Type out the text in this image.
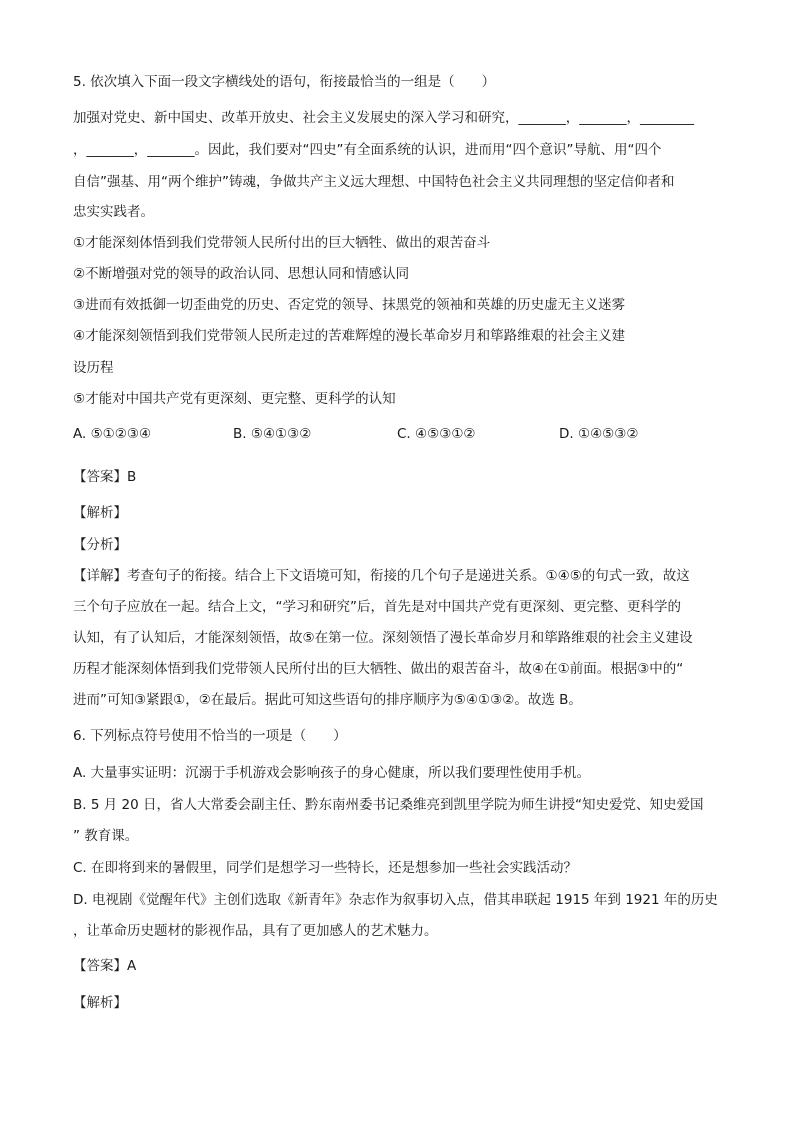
5. 依次填入下面一段文字横线处的语句，衔接最恰当的一组是（　　）
加强对党史、新中国史、改革开放史、社会主义发展史的深入学习和研究，_______，_______，________
，_______，_______。因此，我们要对“四史”有全面系统的认识，进而用“四个意识”导航、用“四个
自信”强基、用“两个维护”铸魂，争做共产主义远大理想、中国特色社会主义共同理想的坚定信仰者和
忠实实践者。
①才能深刻体悟到我们党带领人民所付出的巨大牺牲、做出的艰苦奋斗
②不断增强对党的领导的政治认同、思想认同和情感认同
③进而有效抵御一切歪曲党的历史、否定党的领导、抹黑党的领袖和英雄的历史虚无主义迷雾
④才能深刻领悟到我们党带领人民所走过的苦难辉煌的漫长革命岁月和筚路维艰的社会主义建
设历程
⑤才能对中国共产党有更深刻、更完整、更科学的认知
A. ⑤①②③④	B. ⑤④①③②	C. ④⑤③①②	D. ①④⑤③②
【答案】B
【解析】
【分析】
【详解】考查句子的衔接。结合上下文语境可知，衔接的几个句子是递进关系。①④⑤的句式一致，故这
三个句子应放在一起。结合上文，“学习和研究”后，首先是对中国共产党有更深刻、更完整、更科学的
认知，有了认知后，才能深刻领悟，故⑤在第一位。深刻领悟了漫长革命岁月和筚路维艰的社会主义建设
历程才能深刻体悟到我们党带领人民所付出的巨大牺牲、做出的艰苦奋斗，故④在①前面。根据③中的“
进而”可知③紧跟①，②在最后。据此可知这些语句的排序顺序为⑤④①③②。故选 B。
6. 下列标点符号使用不恰当的一项是（　　）
A. 大量事实证明：沉溺于手机游戏会影响孩子的身心健康，所以我们要理性使用手机。
B. 5 月 20 日，省人大常委会副主任、黔东南州委书记桑维亮到凯里学院为师生讲授“知史爱党、知史爱国
” 教育课。
C. 在即将到来的暑假里，同学们是想学习一些特长，还是想参加一些社会实践活动？
D. 电视剧《觉醒年代》主创们选取《新青年》杂志作为叙事切入点，借其串联起 1915 年到 1921 年的历史
，让革命历史题材的影视作品，具有了更加感人的艺术魅力。
【答案】A
【解析】
